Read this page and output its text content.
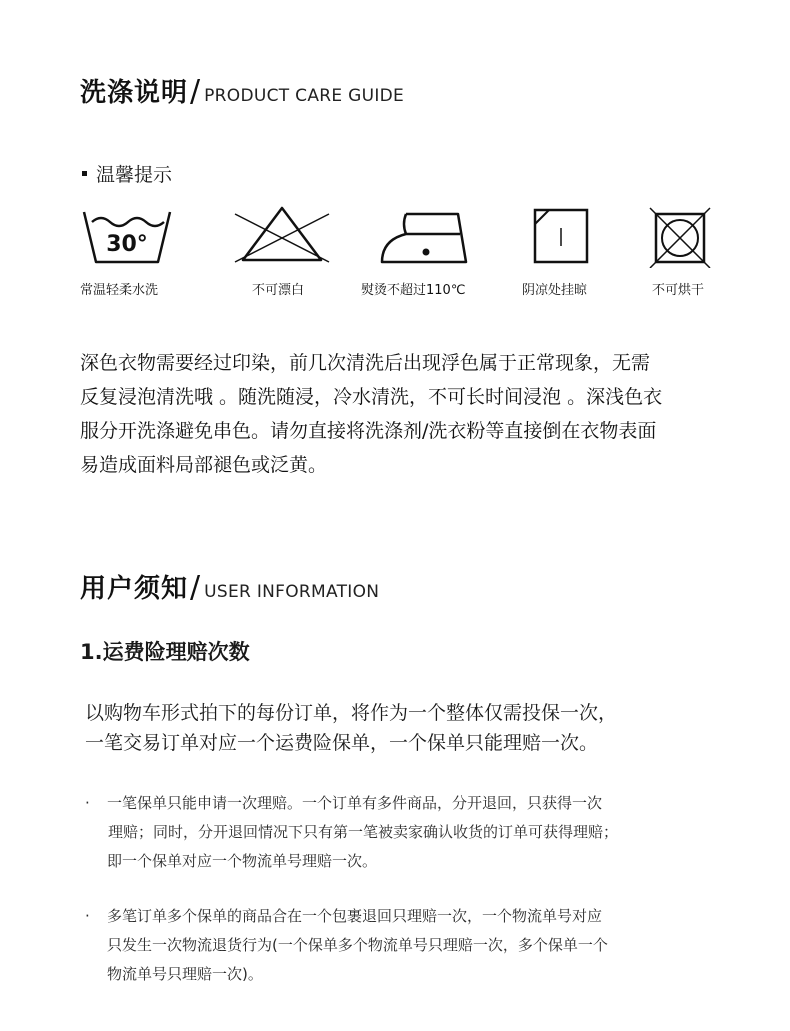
洗涤说明 / PRODUCT CARE GUIDE
温馨提示
30°
常温轻柔水洗	不可漂白	熨烫不超过110℃	阴凉处挂晾	不可烘干
深色衣物需要经过印染，前几次清洗后出现浮色属于正常现象，无需
反复浸泡清洗哦 。随洗随浸，冷水清洗，不可长时间浸泡 。深浅色衣
服分开洗涤避免串色。请勿直接将洗涤剂/洗衣粉等直接倒在衣物表面
易造成面料局部褪色或泛黄。
用户须知 / USER INFORMATION
1.运费险理赔次数
以购物车形式拍下的每份订单，将作为一个整体仅需投保一次，
一笔交易订单对应一个运费险保单，一个保单只能理赔一次。
·	一笔保单只能申请一次理赔。一个订单有多件商品，分开退回，只获得一次
理赔；同时，分开退回情况下只有第一笔被卖家确认收货的订单可获得理赔；
即一个保单对应一个物流单号理赔一次。
·	多笔订单多个保单的商品合在一个包裹退回只理赔一次，一个物流单号对应
只发生一次物流退货行为(一个保单多个物流单号只理赔一次，多个保单一个
物流单号只理赔一次)。
